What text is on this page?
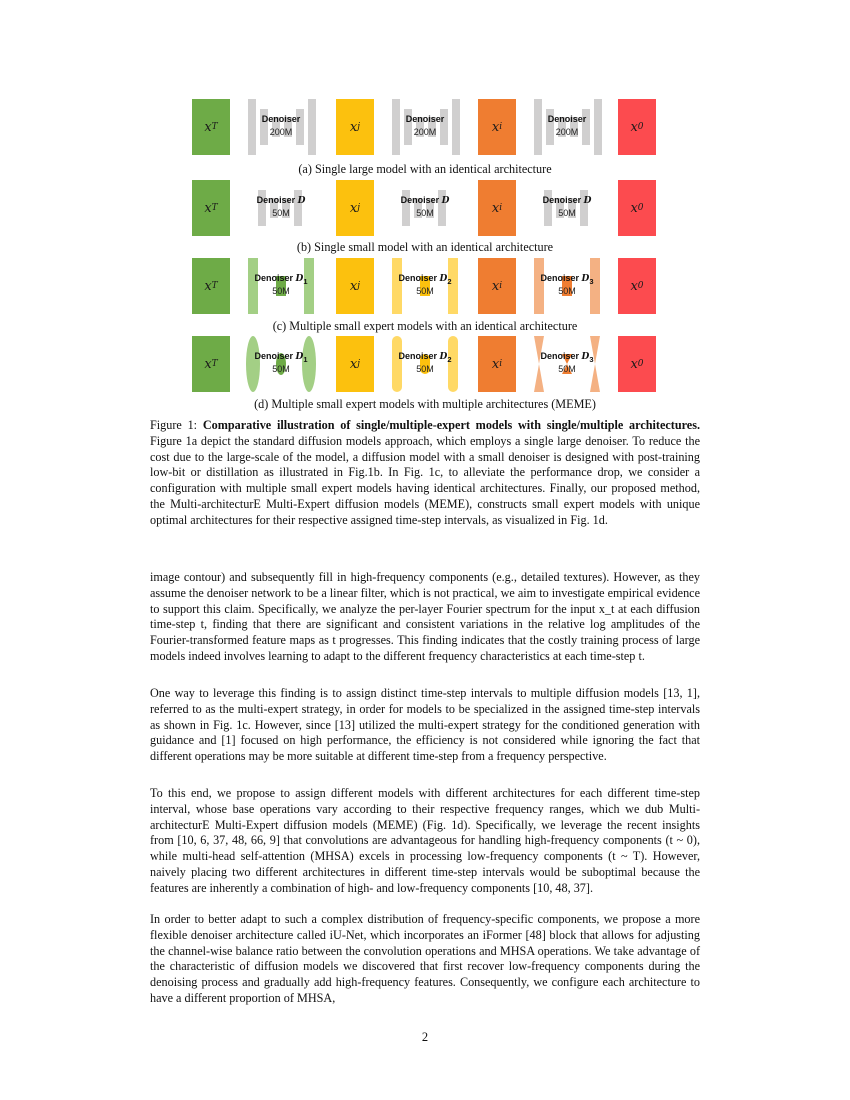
x T
Denoiser
200M	x j
Denoiser
200M	x i
Denoiser
200M	x 0
(a) Single large model with an identical architecture
x T
Denoiser D
50M	x j
Denoiser D
50M	x i
Denoiser D
50M	x 0
(b) Single small model with an identical architecture
x T
Denoiser $D_1$
50M	x j
Denoiser $D_2$
50M	x i
Denoiser $D_3$
50M	x 0
(c) Multiple small expert models with an identical architecture
x T
Denoiser $D_1$
50M	x j
Denoiser $D_2$
50M	x i
Denoiser $D_3$
50M	x 0
(d) Multiple small expert models with multiple architectures (MEME)
Figure 1: Comparative illustration of single/multiple-expert models with single/multiple architectures. Figure 1a depict the standard diffusion models approach, which employs a single large denoiser. To reduce the cost due to the large-scale of the model, a diffusion model with a small denoiser is designed with post-training low-bit or distillation as illustrated in Fig.1b. In Fig. 1c, to alleviate the performance drop, we consider a configuration with multiple small expert models having identical architectures. Finally, our proposed method, the Multi-architecturE Multi-Expert diffusion models (MEME), constructs small expert models with unique optimal architectures for their respective assigned time-step intervals, as visualized in Fig. 1d.
image contour) and subsequently fill in high-frequency components (e.g., detailed textures). However, as they assume the denoiser network to be a linear filter, which is not practical, we aim to investigate empirical evidence to support this claim. Specifically, we analyze the per-layer Fourier spectrum for the input x_t at each diffusion time-step t, finding that there are significant and consistent variations in the relative log amplitudes of the Fourier-transformed feature maps as t progresses. This finding indicates that the costly training process of large models indeed involves learning to adapt to the different frequency characteristics at each time-step t.
One way to leverage this finding is to assign distinct time-step intervals to multiple diffusion models [13, 1], referred to as the multi-expert strategy, in order for models to be specialized in the assigned time-step intervals as shown in Fig. 1c. However, since [13] utilized the multi-expert strategy for the conditioned generation with guidance and [1] focused on high performance, the efficiency is not considered while ignoring the fact that different operations may be more suitable at different time-step from a frequency perspective.
To this end, we propose to assign different models with different architectures for each different time-step interval, whose base operations vary according to their respective frequency ranges, which we dub Multi-architecturE Multi-Expert diffusion models (MEME) (Fig. 1d). Specifically, we leverage the recent insights from [10, 6, 37, 48, 66, 9] that convolutions are advantageous for handling high-frequency components (t ~ 0), while multi-head self-attention (MHSA) excels in processing low-frequency components (t ~ T). However, naively placing two different architectures in different time-step intervals would be suboptimal because the features are inherently a combination of high- and low-frequency components [10, 48, 37].
In order to better adapt to such a complex distribution of frequency-specific components, we propose a more flexible denoiser architecture called iU-Net, which incorporates an iFormer [48] block that allows for adjusting the channel-wise balance ratio between the convolution operations and MHSA operations. We take advantage of the characteristic of diffusion models we discovered that first recover low-frequency components during the denoising process and gradually add high-frequency features. Consequently, we configure each architecture to have a different proportion of MHSA,
2
